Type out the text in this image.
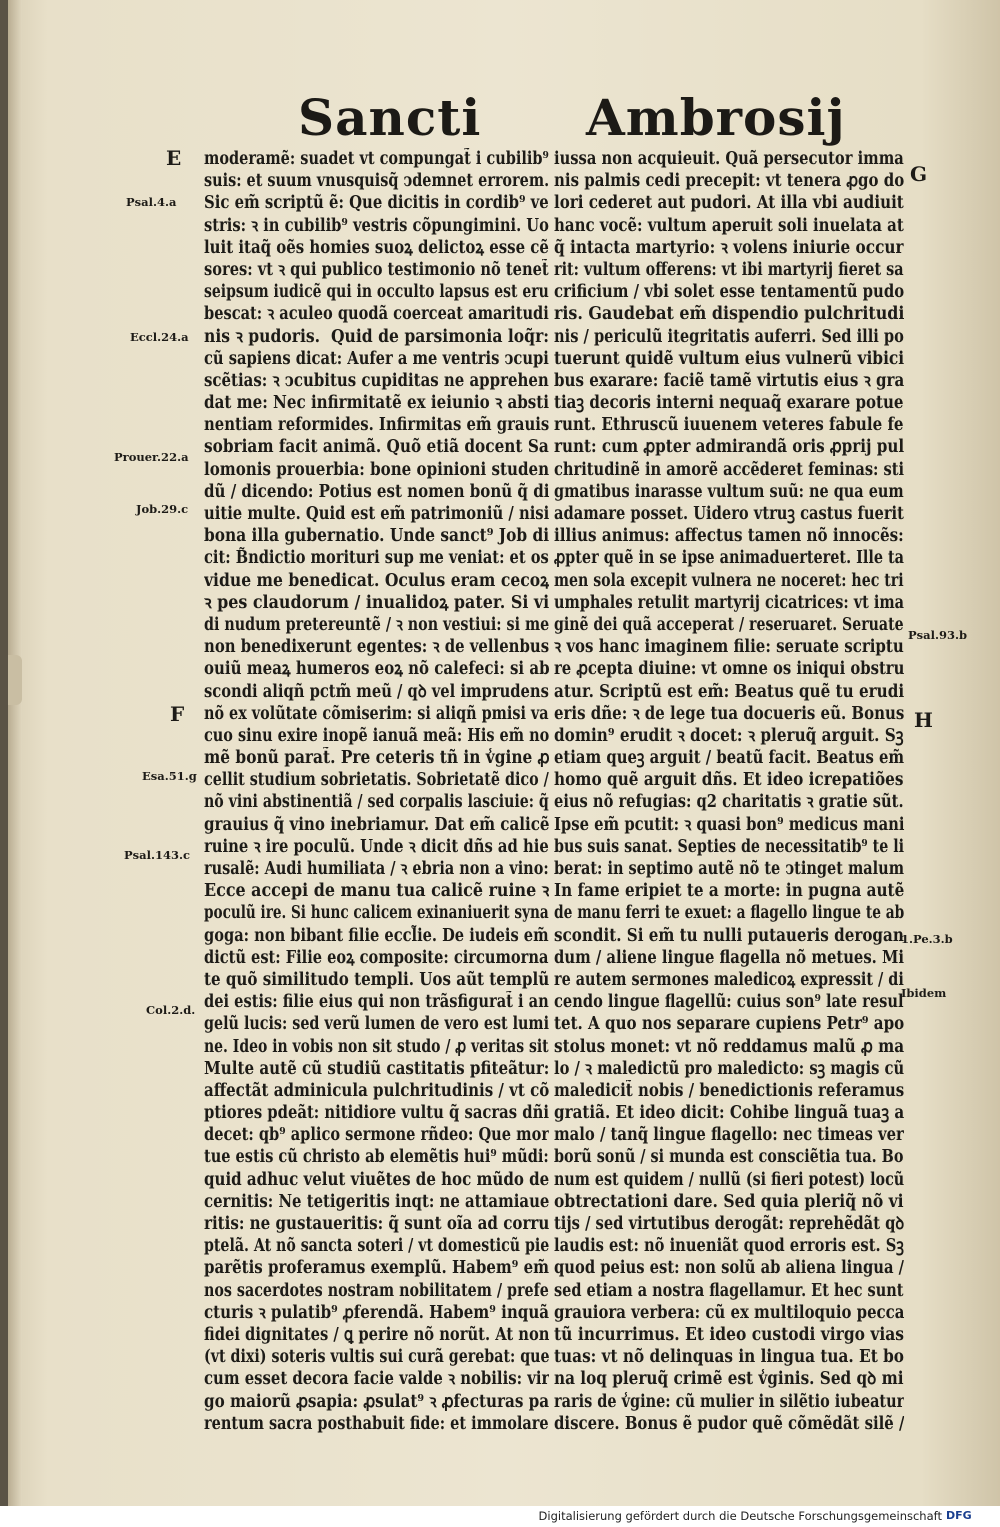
Sancti Ambrosij
moderamẽ: suadet vt compungat̃ i cubilib⁹
suis: et suum vnusquisq̃ ↄdemnet errorem.
Sic em̃ scriptũ ẽ: Que dicitis in cordib⁹ ve
stris: ꝛ in cubilib⁹ vestris cõpungimini. Uo
luit itaq̃ oẽs homies suoꝝ delictoꝝ esse cẽ
sores: vt ꝛ qui publico testimonio nõ tenet̃
seipsum iudicẽ qui in occulto lapsus est eru
bescat: ꝛ aculeo quodã coerceat amaritudi
nis ꝛ pudoris.  Quid de parsimonia loq̃r:
cũ sapiens dicat: Aufer a me ventris ↄcupi
scẽtias: ꝛ ↄcubitus cupiditas ne apprehen
dat me: Nec infirmitatẽ ex ieiunio ꝛ absti
nentiam reformides. Infirmitas em̃ grauis
sobriam facit animã. Quõ etiã docent Sa
lomonis prouerbia: bone opinioni studen
dũ / dicendo: Potius est nomen bonũ q̃ di
uitie multe. Quid est em̃ patrimoniũ / nisi
bona illa gubernatio. Unde sanct⁹ Job di
cit: B̃ndictio morituri sup me veniat: et os
vidue me benedicat. Oculus eram cecoꝝ
ꝛ pes claudorum / inualidoꝝ pater. Si vi
di nudum pretereuntẽ / ꝛ non vestiui: si me
non benedixerunt egentes: ꝛ de vellenbus
ouiũ meaꝝ humeros eoꝝ nõ calefeci: si ab
scondi aliqñ pctm̃ meũ / qꝺ vel imprudens
nõ ex volũtate cõmiserim: si aliqñ pmisi va
cuo sinu exire inopẽ ianuã meã: His em̃ no
mẽ bonũ parat̃. Pre ceteris tñ in v̾gine ꝓ
cellit studium sobrietatis. Sobrietatẽ dico /
nõ vini abstinentiã / sed corpalis lasciuie: q̃
grauius q̃ vino inebriamur. Dat em̃ calicẽ
ruine ꝛ ire poculũ. Unde ꝛ dicit dñs ad hie
rusalẽ: Audi humiliata / ꝛ ebria non a vino:
Ecce accepi de manu tua calicẽ ruine ꝛ
poculũ ire. Si hunc calicem exinaniuerit syna
goga: non bibant filie eccl̃ie. De iudeis em̃
dictũ est: Filie eoꝝ composite: circumorna
te quõ similitudo templi. Uos aũt templũ
dei estis: filie eius qui non trãsfigurat̃ i an
gelũ lucis: sed verũ lumen de vero est lumi
ne. Ideo in vobis non sit studo / ꝓ veritas sit
Multe autẽ cũ studiũ castitatis pfiteãtur:
affectãt adminicula pulchritudinis / vt cõ
ptiores pdeãt: nitidiore vultu q̃ sacras dñi
decet: qb⁹ aplico sermone rñdeo: Que mor
tue estis cũ christo ab elemẽtis hui⁹ mũdi:
quid adhuc velut viuẽtes de hoc mũdo de
cernitis: Ne tetigeritis inqt: ne attamiaue
ritis: ne gustaueritis: q̃ sunt oĩa ad corru
ptelã. At nõ sancta soteri / vt domesticũ pie
parẽtis proferamus exemplũ. Habem⁹ em̃
nos sacerdotes nostram nobilitatem / prefe
cturis ꝛ pulatib⁹ ꝓferendã. Habem⁹ inquã
fidei dignitates / ꝗ perire nõ norũt. At non
(vt dixi) soteris vultis sui curã gerebat: que
cum esset decora facie valde ꝛ nobilis: vir
go maiorũ ꝓsapia: ꝓsulat⁹ ꝛ ꝓfecturas pa
rentum sacra posthabuit fide: et immolare
iussa non acquieuit. Quã persecutor imma
nis palmis cedi precepit: vt tenera ꝓgo do
lori cederet aut pudori. At illa vbi audiuit
hanc vocẽ: vultum aperuit soli inuelata at
q̃ intacta martyrio: ꝛ volens iniurie occur
rit: vultum offerens: vt ibi martyrij fieret sa
crificium / vbi solet esse tentamentũ pudo
ris. Gaudebat em̃ dispendio pulchritudi
nis / periculũ itegritatis auferri. Sed illi po
tuerunt quidẽ vultum eius vulnerũ vibici
bus exarare: faciẽ tamẽ virtutis eius ꝛ gra
tiaꝫ decoris interni nequaq̃ exarare potue
runt. Ethruscũ iuuenem veteres fabule fe
runt: cum ꝓpter admirandã oris ꝓprij pul
chritudinẽ in amorẽ accẽderet feminas: sti
gmatibus inarasse vultum suũ: ne qua eum
adamare posset. Uidero vtruꝫ castus fuerit
illius animus: affectus tamen nõ innocẽs:
ꝓpter quẽ in se ipse animaduerteret. Ille ta
men sola excepit vulnera ne noceret: hec tri
umphales retulit martyrij cicatrices: vt ima
ginẽ dei quã acceperat / reseruaret. Seruate
ꝛ vos hanc imaginem filie: seruate scriptu
re ꝓcepta diuine: vt omne os iniqui obstru
atur. Scriptũ est em̃: Beatus quẽ tu erudi
eris dñe: ꝛ de lege tua docueris eũ. Bonus
domin⁹ erudit ꝛ docet: ꝛ pleruq̃ arguit. Sꝫ
etiam queꝫ arguit / beatũ facit. Beatus em̃
homo quẽ arguit dñs. Et ideo icrepatiões
eius nõ refugias: q2 charitatis ꝛ gratie sũt.
Ipse em̃ pcutit: ꝛ quasi bon⁹ medicus mani
bus suis sanat. Septies de necessitatib⁹ te li
berat: in septimo autẽ nõ te ↄtinget malum
In fame eripiet te a morte: in pugna autẽ
de manu ferri te exuet: a flagello lingue te ab
scondit. Si em̃ tu nulli putaueris derogan
dum / aliene lingue flagella nõ metues. Mi
re autem sermones maledicoꝝ expressit / di
cendo lingue flagellũ: cuius son⁹ late resul
tet. A quo nos separare cupiens Petr⁹ apo
stolus monet: vt nõ reddamus malũ ꝓ ma
lo / ꝛ maledictũ pro maledicto: sꝫ magis cũ
maledicit̃ nobis / benedictionis referamus
gratiã. Et ideo dicit: Cohibe linguã tuaꝫ a
malo / tanq̃ lingue flagello: nec timeas ver
borũ sonũ / si munda est consciẽtia tua. Bo
num est quidem / nullũ (si fieri potest) locũ
obtrectationi dare. Sed quia pleriq̃ nõ vi
tijs / sed virtutibus derogãt: reprehẽdãt qꝺ
laudis est: nõ inueniãt quod erroris est. Sꝫ
quod peius est: non solũ ab aliena lingua /
sed etiam a nostra flagellamur. Et hec sunt
grauiora verbera: cũ ex multiloquio pecca
tũ incurrimus. Et ideo custodi virgo vias
tuas: vt nõ delinquas in lingua tua. Et bo
na loq pleruq̃ crimẽ est v̾ginis. Sed qꝺ mi
raris de v̾gine: cũ mulier in silẽtio iubeatur
discere. Bonus ẽ pudor quẽ cõmẽdãt silẽ /
E
F
G
H
Psal.4.a
Eccl.24.a
Prouer.22.a
Job.29.c
Esa.51.g
Psal.143.c
Col.2.d.
Psal.93.b
1.Pe.3.b
Ibidem
Digitalisierung gefördert durch die Deutsche Forschungsgemeinschaft DFG
